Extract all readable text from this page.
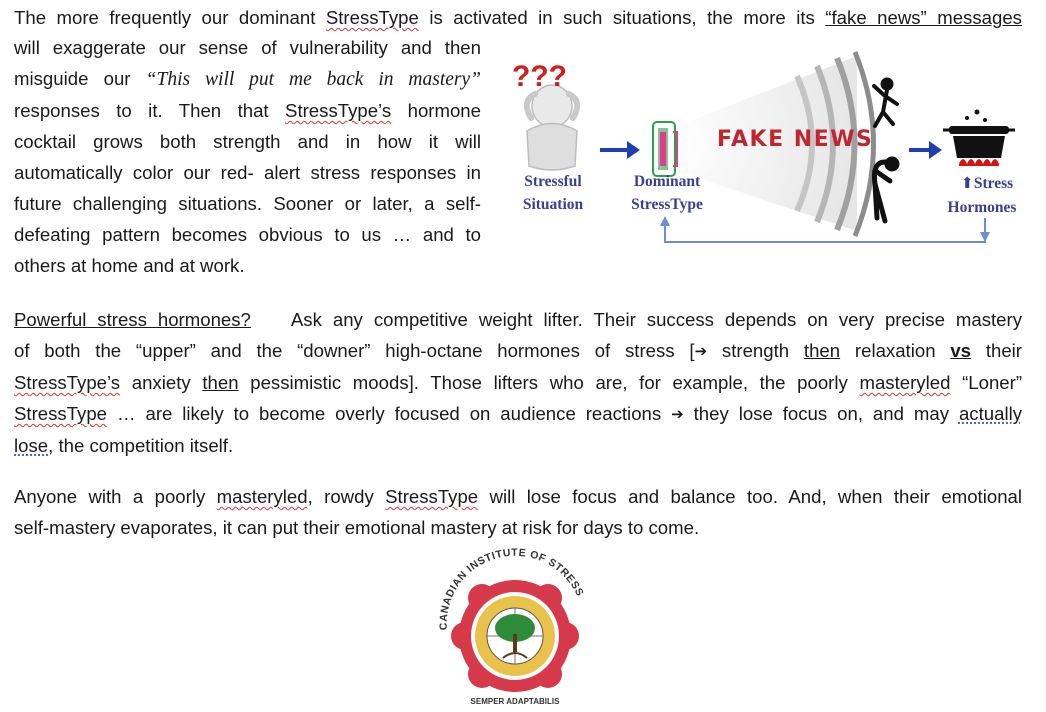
The more frequently our dominant StressType is activated in such situations, the more its “fake news” messages
will exaggerate our sense of vulnerability and then
misguide our “This will put me back in mastery”
responses to it. Then that StressType’s hormone
cocktail grows both strength and in how it will
automatically color our red- alert stress responses in
future challenging situations. Sooner or later, a self-
defeating pattern becomes obvious to us … and to
others at home and at work.
???
Stressful
Situation
FAKE NEWS
Dominant
StressType
⬆Stress
Hormones
Powerful stress hormones? Ask any competitive weight lifter. Their success depends on very precise mastery
of both the “upper” and the “downer” high-octane hormones of stress [➔ strength then relaxation vs their
StressType’s anxiety then pessimistic moods]. Those lifters who are, for example, the poorly masteryled “Loner”
StressType … are likely to become overly focused on audience reactions ➔ they lose focus on, and may actually
lose, the competition itself.
Anyone with a poorly masteryled, rowdy StressType will lose focus and balance too. And, when their emotional
self-mastery evaporates, it can put their emotional mastery at risk for days to come.
CANADIAN INSTITUTE OF STRESS
SEMPER ADAPTABILIS
